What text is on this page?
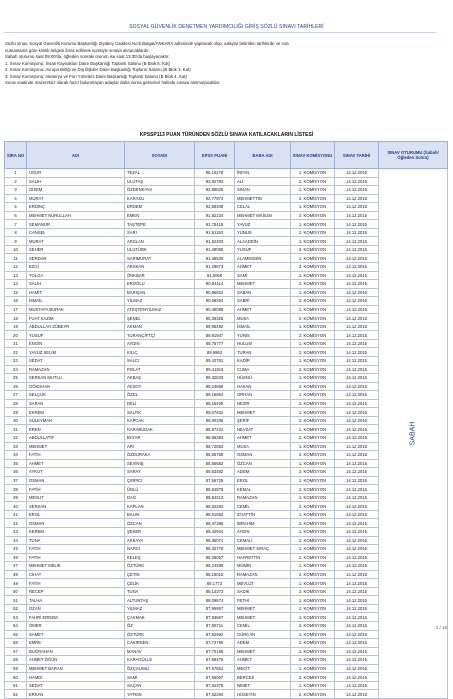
SOSYAL GÜVENLİK DENETMEN YARDIMCILIĞI GİRİŞ SÖZLÜ SINAVI TARİHLERİ
Sözlü sınav, Sosyal Güvenlik Kurumu Başkanlığı Ziyabey Caddesi No:6 Balgat/ANKARA adresinde yapılacak olup, adaylar belirtilen tarihlerde ve sıra
numarasına göre kimlik belgesi ibraz edilmek suretiyle sınava alınacaklardır.
Sabah oturumu saat 09:00'da, öğleden sonraki oturum ise saat 13:30'da başlayacaktır.
1. Sınav Komisyonu: İnsan Kaynakları Daire Başkanlığı Toplantı Salonu (B Blok 5. Kat)
2. Sınav Komisyonu: Avrupa Birliği ve Dış İlişkiler Daire Başkanlığı Toplantı Salonu (B Blok 1. Kat)
3. Sınav Komisyonu: Aktüerya ve Fon Yönetimi Daire Başkanlığı Toplantı Salonu (B Blok 4. Kat)
Sınav saatinde mazeretsiz olarak hazır bulunmayan adaylar daha sonra gelmeleri halinde sınava alınmayacaklar.
KPSSP113 PUAN TÜRÜNDEN SÖZLÜ SINAVA KATILACAKLARIN LİSTESİ
SIRA NO	ADI	SOYADI	KPSS PUANI	BABA ADI	SINAV KOMİSYONU	SINAV TARİHİ	SINAV OTURUMU (Sabah/ Öğleden Sonra)
1	UĞUR	TEZAL	96,10279	İRFAN	1. KOMİSYON	14.12.2015	SABAH
2	SALİH	ULUTAŞ	93,82783	ALİ	2. KOMİSYON	14.12.2015	
3	GİZEM	ÖZDENKAYA	92,88628	SİNAN	1. KOMİSYON	14.12.2015	
4	MURAT	KARASU	92,77974	MEHMETTİN	2. KOMİSYON	14.12.2015	
5	ERDİNÇ	ERDEM	92,68408	CELAL	1. KOMİSYON	14.12.2015	
6	MEHMET NURULLAH	EMEN	91,82234	MEHMET MASUM	2. KOMİSYON	14.12.2015	
7	SEMANUR	TAŞTEPE	91,78419	YAVUZ	1. KOMİSYON	14.12.2015	
8	CANSEL	SARI	91,61193	YUNUS	2. KOMİSYON	14.12.2015	
9	MURAT	ARSLAN	91,52203	ALAADDİN	1. KOMİSYON	14.12.2015	
10	SEHER	ULUTÜRK	91,49058	YUSUF	3. KOMİSYON	14.12.2015	
11	SERDAR	SARIMURAT	91,46529	ALAMEDDİN	1. KOMİSYON	14.12.2015	
12	EZGİ	ARSKAN	91,29573	AHMET	3. KOMİSYON	14.12.2015	
13	TOLGA	ÖNKBAR	91,0068	SAMİ	1. KOMİSYON	14.12.2015	
14	SALİH	EROĞLU	90,94114	MEHMET	2. KOMİSYON	14.12.2015	
15	HAMİT	BARIŞAN	90,86822	SABAN	1. KOMİSYON	14.12.2015	
16	İSMAİL	YILMAZ	90,68254	SABRİ	2. KOMİSYON	14.12.2015	
17	MUSTAFA BURAK	ATEŞTENYILMAZ	90,45088	AHMET	1. KOMİSYON	14.12.2015	
18	FUAT KAZIM	ŞENEL	90,39325	MUSA	2. KOMİSYON	14.12.2015	
19	ABDULLAH ZÜBEYR	AKMAN	89,95492	İSMAİL	1. KOMİSYON	14.12.2015	
20	YUSUF	TURANÇİFTÇİ	89,81947	YUNİS	2. KOMİSYON	14.12.2015	
21	ENGİN	AYDIN	89,76777	HULUSİ	1. KOMİSYON	14.12.2015	
22	YAVUZ SELİM	KILIÇ	89,6963	TURAN	2. KOMİSYON	14.12.2015	
23	SEDAT	SALCI	89,42781	KADİR	1. KOMİSYON	14.12.2015	
24	RAMAZAN	POLAT	89,41153	CUMA	2. KOMİSYON	14.12.2015	
25	SERKAN MUTLU	AKBAŞ	89,32833	HÜSNÜ	1. KOMİSYON	14.12.2015	
26	GÖKDHAN	AKSOY	89,24858	HAKAN	2. KOMİSYON	14.12.2015	
27	SELÇUK	ÖZEL	89,16864	ORHAN	1. KOMİSYON	14.12.2015	
28	SARAN	DELİ	89,15405	NEZİR	2. KOMİSYON	14.12.2015	
29	EKREM	SALTIK	89,07832	MEHMET	1. KOMİSYON	14.12.2015	
30	SÜLEYMAN	KAPCAK	88,90336	ŞERİF	2. KOMİSYON	14.12.2015	
31	EREN	KARABUDAK	88,87222	NEVZAT	1. KOMİSYON	14.12.2015	
32	ABDULLATİF	BAYAR	88,86393	AHMET	2. KOMİSYON	14.12.2015	
33	MEHMET	ARI	88,72653	MUSA	1. KOMİSYON	14.12.2015	
34	FATİH	ÖZDURAKA	88,66769	OSMAN	2. KOMİSYON	14.12.2015	
35	AHMET	SEVİNİŞ	88,65682	ÖZCAN	1. KOMİSYON	14.12.2015	
36	AYKUT	SARAY	88,63492	ADEM	2. KOMİSYON	14.12.2015	
37	OSMAN	ÇIRPICI	87,56725	EROL	1. KOMİSYON	14.12.2015	
38	FATİH	ÜNLÜ	88,54878	KEMAL	2. KOMİSYON	14.12.2015	
39	MESUT	DAĞ	88,54213	RAMAZAN	1. KOMİSYON	14.12.2015	
40	SERKAN	KAPLAN	88,52284	CEMİL	2. KOMİSYON	14.12.2015	
41	EROL	BALIN	88,51082	ZİYATTİN	1. KOMİSYON	14.12.2015	
42	OSMAN	ÖZCAN	88,47386	İBRAHİM	2. KOMİSYON	14.12.2015	
43	KEREM	ŞEKER	88,42934	AYDIN	1. KOMİSYON	14.12.2015	
44	TUNA	AKKAYA	88,35071	CEMALİ	2. KOMİSYON	14.12.2015	
45	FATİH	NARCI	88,32776	MEHMET SIRAÇ	1. KOMİSYON	14.12.2015	
46	FATİH	KELEŞ	88,29057	HAYRETTİN	2. KOMİSYON	14.12.2015	
47	MEHMET MELİK	ÖZTÜRK	88,24298	MÜMİN	1. KOMİSYON	14.12.2015	
48	CİHAT	ÇETİN	88,19015	RAMAZAN	2. KOMİSYON	14.12.2015	
49	FATİH	ÇELİK	88,1773	MEVLÜT	1. KOMİSYON	14.12.2015	
50	RECEP	TUNA	88,14373	SADIK	2. KOMİSYON	14.12.2015	
51	TALHA	ALTUNTAŞ	88,09674	FETHİ	1. KOMİSYON	14.12.2015	
52	OZAN	YILMAZ	87,95857	MEHMET	2. KOMİSYON	14.12.2015	
53	FAHRİ ERDEM	ÇAKMAK	87,93667	MEHMET	1. KOMİSYON	14.12.2015	
54	ÖMER	ÖZ	87,85711	CEMİL	2. KOMİSYON	14.12.2015	
55	SAMET	ÖZTÜRK	87,82992	GÜRCAN	1. KOMİSYON	14.12.2015	
56	EMRE	CAKIRSEN	87,73786	ADEM	2. KOMİSYON	14.12.2015	
57	BUĞRAHAN	MANAV	87,70165	MEHMET	1. KOMİSYON	14.12.2015	
58	AHMET ÖĞÜN	KARAGÜLLE	87,69476	AHMET	2. KOMİSYON	14.12.2015	
59	MEHMET BARAN	ÖZÇALIMLI	87,67651	MECİT	1. KOMİSYON	14.12.2015	
60	HAMDİ	SAMİ	87,66007	BERCES	2. KOMİSYON	14.12.2015	
61	SEDAT	SAÇAN	87,62378	NİMET	1. KOMİSYON	14.12.2015	
62	ERKAN	YATKIN	87,62284	HÜSEYİN	2. KOMİSYON	14.12.2015	
1 / 19
